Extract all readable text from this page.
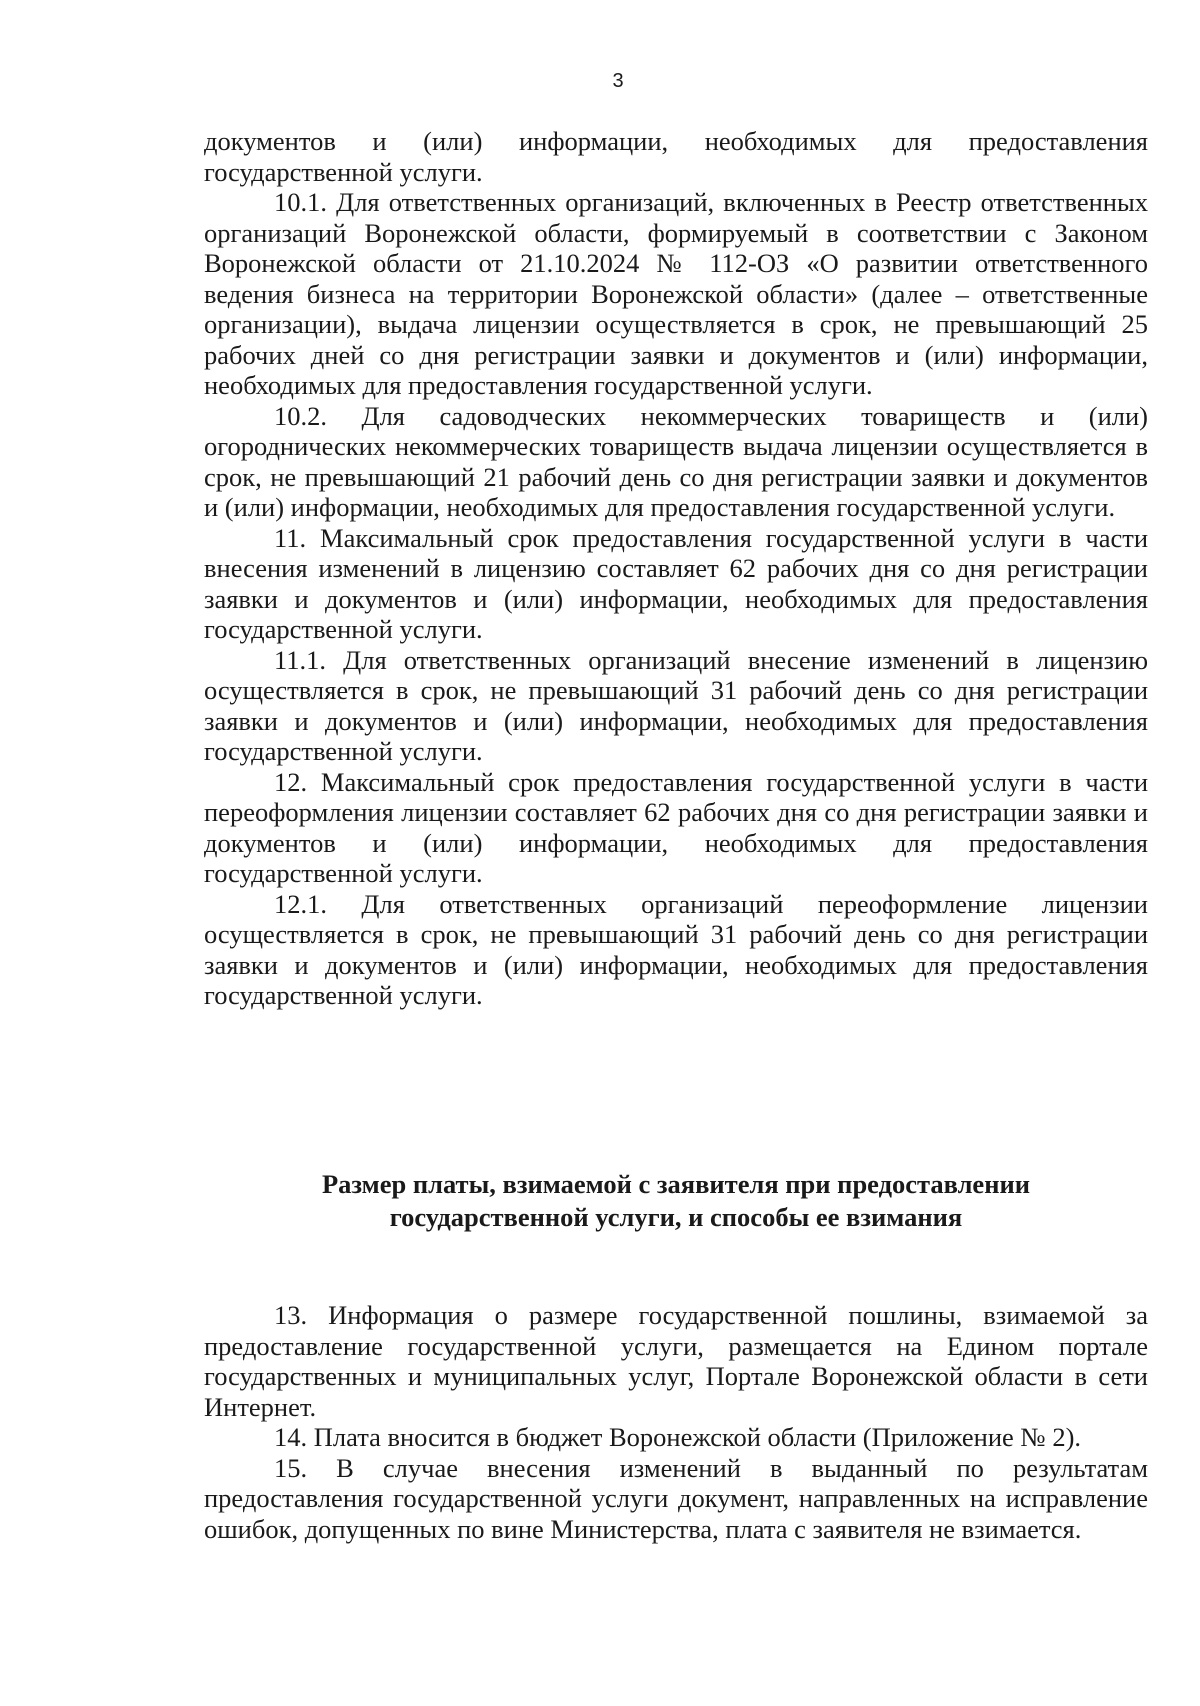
3

документов и (или) информации, необходимых для предоставления государственной услуги.

10.1. Для ответственных организаций, включенных в Реестр ответственных организаций Воронежской области, формируемый в соответствии с Законом Воронежской области от 21.10.2024 № 112-ОЗ «О развитии ответственного ведения бизнеса на территории Воронежской области» (далее – ответственные организации), выдача лицензии осуществляется в срок, не превышающий 25 рабочих дней со дня регистрации заявки и документов и (или) информации, необходимых для предоставления государственной услуги.

10.2. Для садоводческих некоммерческих товариществ и (или) огороднических некоммерческих товариществ выдача лицензии осуществляется в срок, не превышающий 21 рабочий день со дня регистрации заявки и документов и (или) информации, необходимых для предоставления государственной услуги.

11. Максимальный срок предоставления государственной услуги в части внесения изменений в лицензию составляет 62 рабочих дня со дня регистрации заявки и документов и (или) информации, необходимых для предоставления государственной услуги.

11.1. Для ответственных организаций внесение изменений в лицензию осуществляется в срок, не превышающий 31 рабочий день со дня регистрации заявки и документов и (или) информации, необходимых для предоставления государственной услуги.

12. Максимальный срок предоставления государственной услуги в части переоформления лицензии составляет 62 рабочих дня со дня регистрации заявки и документов и (или) информации, необходимых для предоставления государственной услуги.

12.1. Для ответственных организаций переоформление лицензии осуществляется в срок, не превышающий 31 рабочий день со дня регистрации заявки и документов и (или) информации, необходимых для предоставления государственной услуги.

Размер платы, взимаемой с заявителя при предоставлении
государственной услуги, и способы ее взимания

13. Информация о размере государственной пошлины, взимаемой за предоставление государственной услуги, размещается на Едином портале государственных и муниципальных услуг, Портале Воронежской области в сети Интернет.

14. Плата вносится в бюджет Воронежской области (Приложение № 2).

15. В случае внесения изменений в выданный по результатам предоставления государственной услуги документ, направленных на исправление ошибок, допущенных по вине Министерства, плата с заявителя не взимается.
